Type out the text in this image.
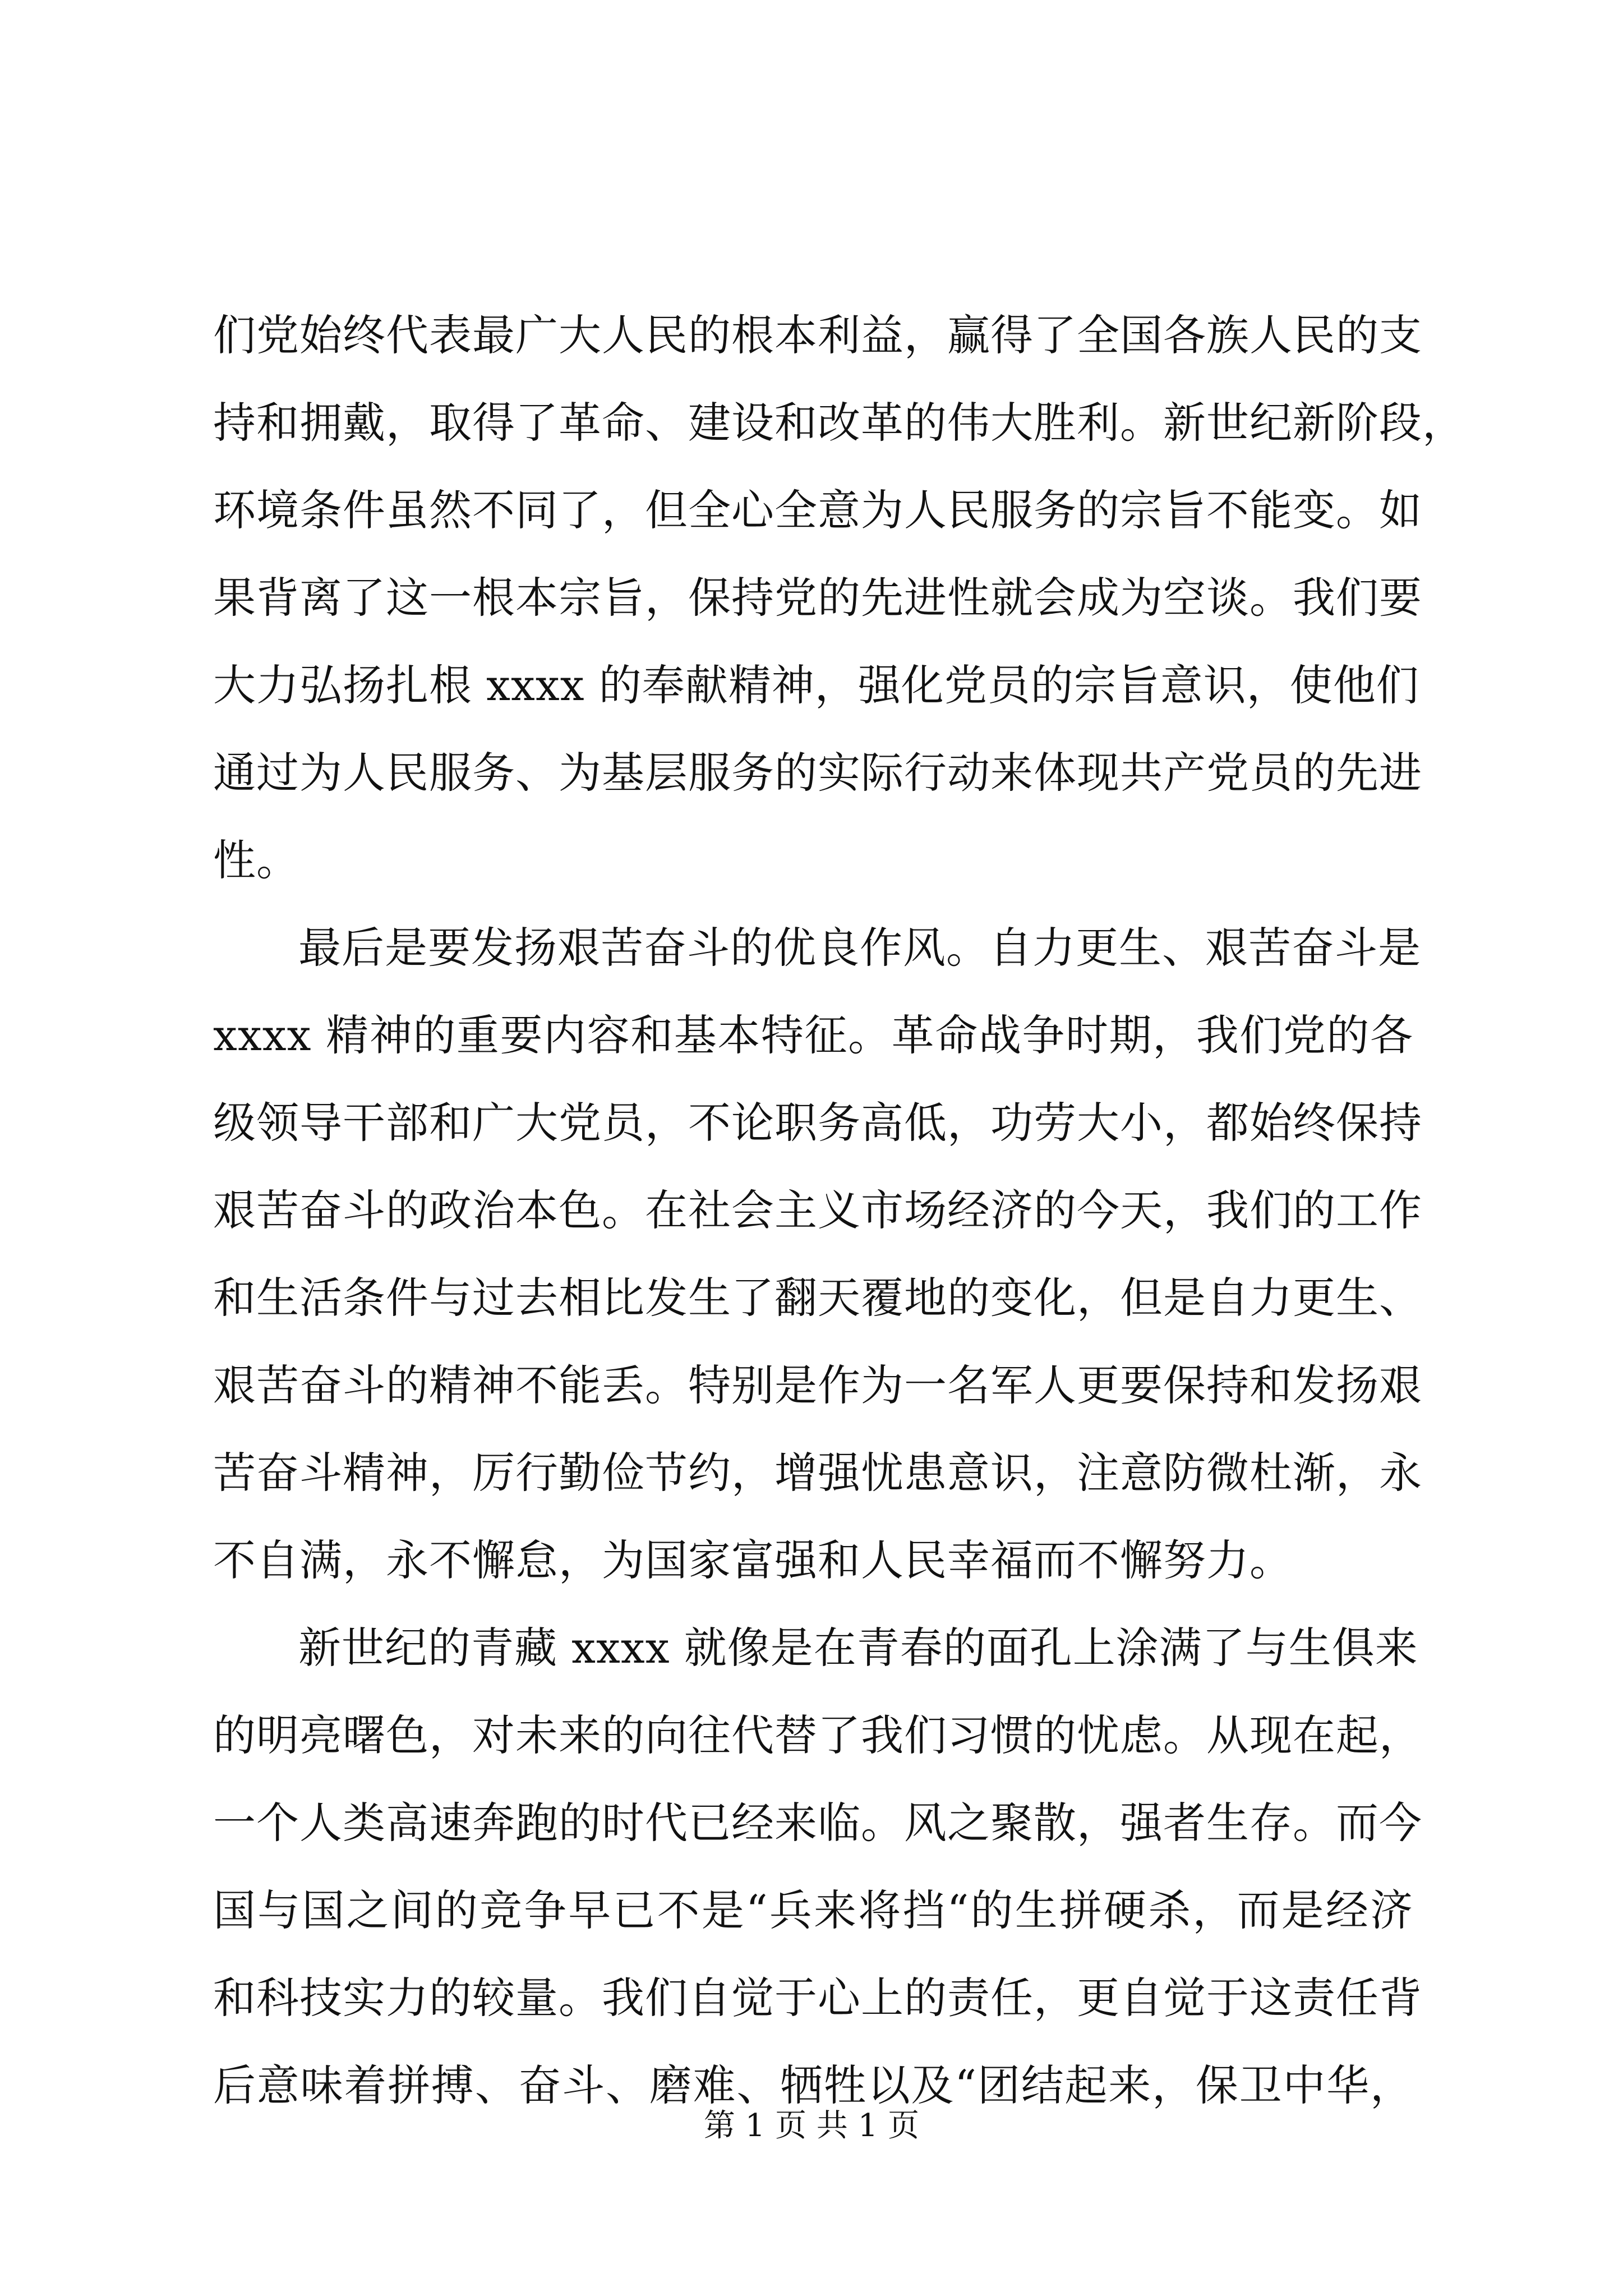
们党始终代表最广大人民的根本利益，赢得了全国各族人民的支
持和拥戴，取得了革命、建设和改革的伟大胜利。新世纪新阶段，
环境条件虽然不同了，但全心全意为人民服务的宗旨不能变。如
果背离了这一根本宗旨，保持党的先进性就会成为空谈。我们要
大力弘扬扎根 xxxx 的奉献精神，强化党员的宗旨意识，使他们
通过为人民服务、为基层服务的实际行动来体现共产党员的先进
性。
最后是要发扬艰苦奋斗的优良作风。自力更生、艰苦奋斗是
xxxx 精神的重要内容和基本特征。革命战争时期，我们党的各
级领导干部和广大党员，不论职务高低，功劳大小，都始终保持
艰苦奋斗的政治本色。在社会主义市场经济的今天，我们的工作
和生活条件与过去相比发生了翻天覆地的变化，但是自力更生、
艰苦奋斗的精神不能丢。特别是作为一名军人更要保持和发扬艰
苦奋斗精神，厉行勤俭节约，增强忧患意识，注意防微杜渐，永
不自满，永不懈怠，为国家富强和人民幸福而不懈努力。
新世纪的青藏 xxxx 就像是在青春的面孔上涂满了与生俱来
的明亮曙色，对未来的向往代替了我们习惯的忧虑。从现在起，
一个人类高速奔跑的时代已经来临。风之聚散，强者生存。而今
国与国之间的竞争早已不是“兵来将挡“的生拼硬杀，而是经济
和科技实力的较量。我们自觉于心上的责任，更自觉于这责任背
后意味着拼搏、奋斗、磨难、牺牲以及“团结起来，保卫中华，
第 1 页 共 1 页
